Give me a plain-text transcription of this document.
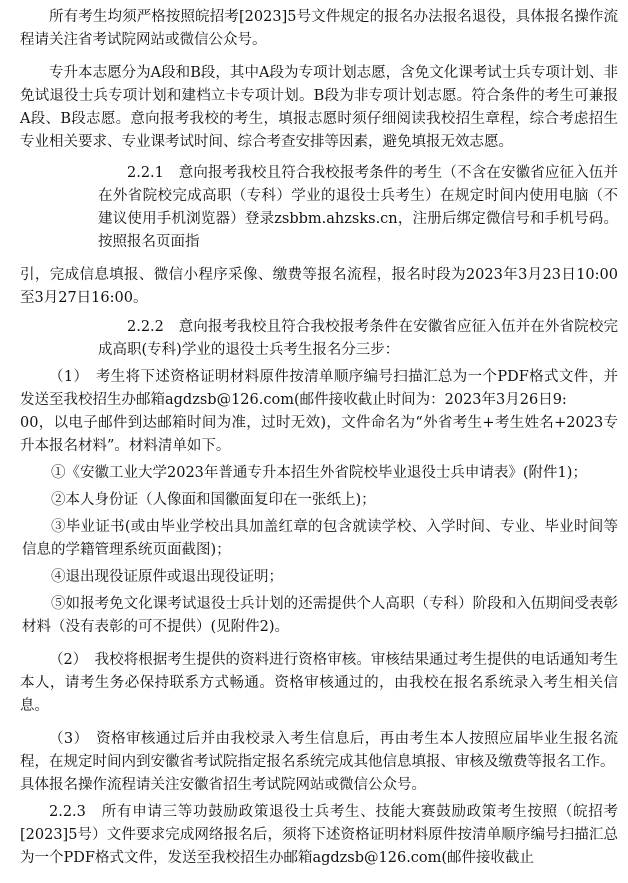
所有考生均须严格按照皖招考[2023]5号文件规定的报名办法报名退役，具体报名操作流程请关注省考试院网站或微信公众号。

专升本志愿分为A段和B段，其中A段为专项计划志愿，含免文化课考试士兵专项计划、非免试退役士兵专项计划和建档立卡专项计划。B段为非专项计划志愿。符合条件的考生可兼报A段、B段志愿。意向报考我校的考生，填报志愿时须仔细阅读我校招生章程，综合考虑招生专业相关要求、专业课考试时间、综合考查安排等因素，避免填报无效志愿。

2.2.1　意向报考我校且符合我校报考条件的考生（不含在安徽省应征入伍并在外省院校完成高职（专科）学业的退役士兵考生）在规定时间内使用电脑（不建议使用手机浏览器）登录zsbbm.ahzsks.cn，注册后绑定微信号和手机号码。按照报名页面指

引，完成信息填报、微信小程序采像、缴费等报名流程，报名时段为2023年3月23日10:00至3月27日16:00。

2.2.2　意向报考我校且符合我校报考条件在安徽省应征入伍并在外省院校完成高职(专科)学业的退役士兵考生报名分三步：

（1）　考生将下述资格证明材料原件按清单顺序编号扫描汇总为一个PDF格式文件，并发送至我校招生办邮箱agdzsb@126.com(邮件接收截止时间为：2023年3月26日9:

00，以电子邮件到达邮箱时间为准，过时无效)，文件命名为“外省考生+考生姓名+2023专升本报名材料”。材料清单如下。

①《安徽工业大学2023年普通专升本招生外省院校毕业退役士兵申请表》(附件1)；

②本人身份证（人像面和国徽面复印在一张纸上)；

③毕业证书(或由毕业学校出具加盖红章的包含就读学校、入学时间、专业、毕业时间等信息的学籍管理系统页面截图)；

④退出现役证原件或退出现役证明；

⑤如报考免文化课考试退役士兵计划的还需提供个人高职（专科）阶段和入伍期间受表彰材料（没有表彰的可不提供）(见附件2)。

（2）　我校将根据考生提供的资料进行资格审核。审核结果通过考生提供的电话通知考生本人，请考生务必保持联系方式畅通。资格审核通过的，由我校在报名系统录入考生相关信息。

（3）　资格审核通过后并由我校录入考生信息后，再由考生本人按照应届毕业生报名流程，在规定时间内到安徽省考试院指定报名系统完成其他信息填报、审核及缴费等报名工作。

具体报名操作流程请关注安徽省招生考试院网站或微信公众号。

2.2.3　所有申请三等功鼓励政策退役士兵考生、技能大赛鼓励政策考生按照（皖招考[2023]5号）文件要求完成网络报名后，须将下述资格证明材料原件按清单顺序编号扫描汇总为一个PDF格式文件，发送至我校招生办邮箱agdzsb@126.com(邮件接收截止
